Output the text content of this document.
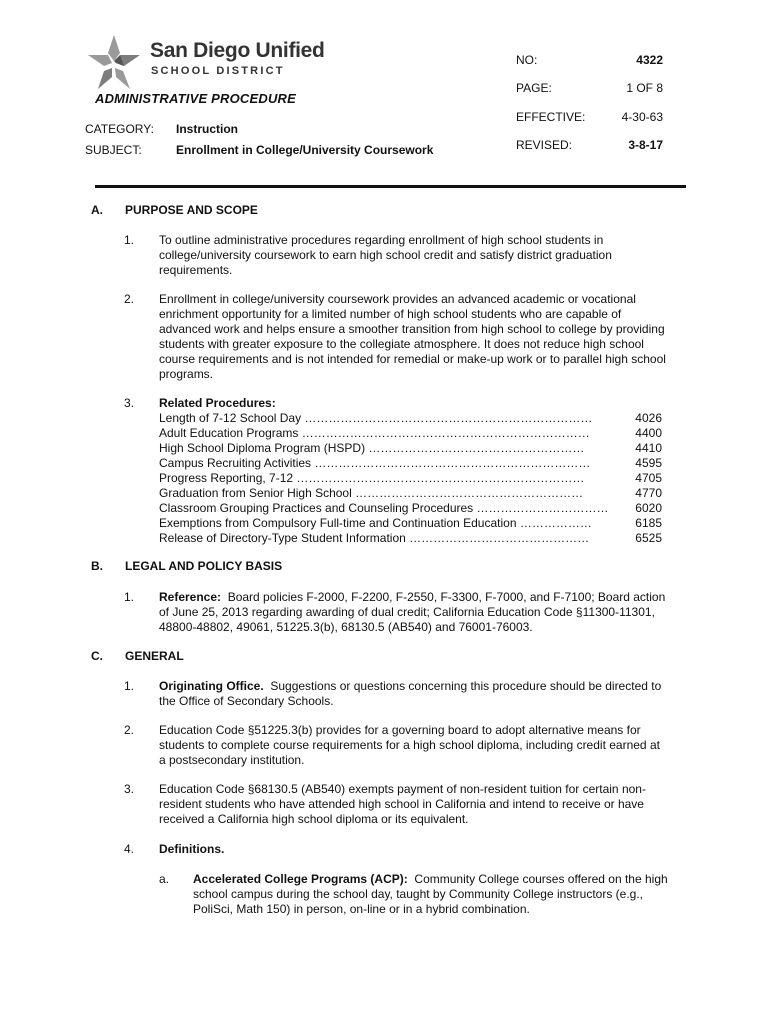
San Diego Unified
SCHOOL DISTRICT
ADMINISTRATIVE PROCEDURE
CATEGORY: Instruction
SUBJECT:	Enrollment in College/University Coursework
NO:	4322
PAGE:	1 OF 8
EFFECTIVE:	4-30-63
REVISED:	3-8-17
A. PURPOSE AND SCOPE
1. To outline administrative procedures regarding enrollment of high school students in college/university coursework to earn high school credit and satisfy district graduation requirements.
2. Enrollment in college/university coursework provides an advanced academic or vocational enrichment opportunity for a limited number of high school students who are capable of advanced work and helps ensure a smoother transition from high school to college by providing students with greater exposure to the collegiate atmosphere. It does not reduce high school course requirements and is not intended for remedial or make-up work or to parallel high school programs.
3. Related Procedures:
Length of 7-12 School Day ………………………………………………………………	4026
Adult Education Programs ………………………………………………………………	4400
High School Diploma Program (HSPD) ………………………………………………	4410
Campus Recruiting Activities ……………………………………………………………	4595
Progress Reporting, 7-12 ………………………………………………………………	4705
Graduation from Senior High School …………………………………………………	4770
Classroom Grouping Practices and Counseling Procedures …………………………… 6020
Exemptions from Compulsory Full-time and Continuation Education ………………	6185
Release of Directory-Type Student Information ………………………………………	6525
B. LEGAL AND POLICY BASIS
1. Reference: Board policies F-2000, F-2200, F-2550, F-3300, F-7000, and F-7100; Board action of June 25, 2013 regarding awarding of dual credit; California Education Code §11300-11301, 48800-48802, 49061, 51225.3(b), 68130.5 (AB540) and 76001-76003.
C. GENERAL
1. Originating Office. Suggestions or questions concerning this procedure should be directed to the Office of Secondary Schools.
2. Education Code §51225.3(b) provides for a governing board to adopt alternative means for students to complete course requirements for a high school diploma, including credit earned at a postsecondary institution.
3. Education Code §68130.5 (AB540) exempts payment of non-resident tuition for certain non-resident students who have attended high school in California and intend to receive or have received a California high school diploma or its equivalent.
4. Definitions.
a. Accelerated College Programs (ACP): Community College courses offered on the high school campus during the school day, taught by Community College instructors (e.g., PoliSci, Math 150) in person, on-line or in a hybrid combination.
